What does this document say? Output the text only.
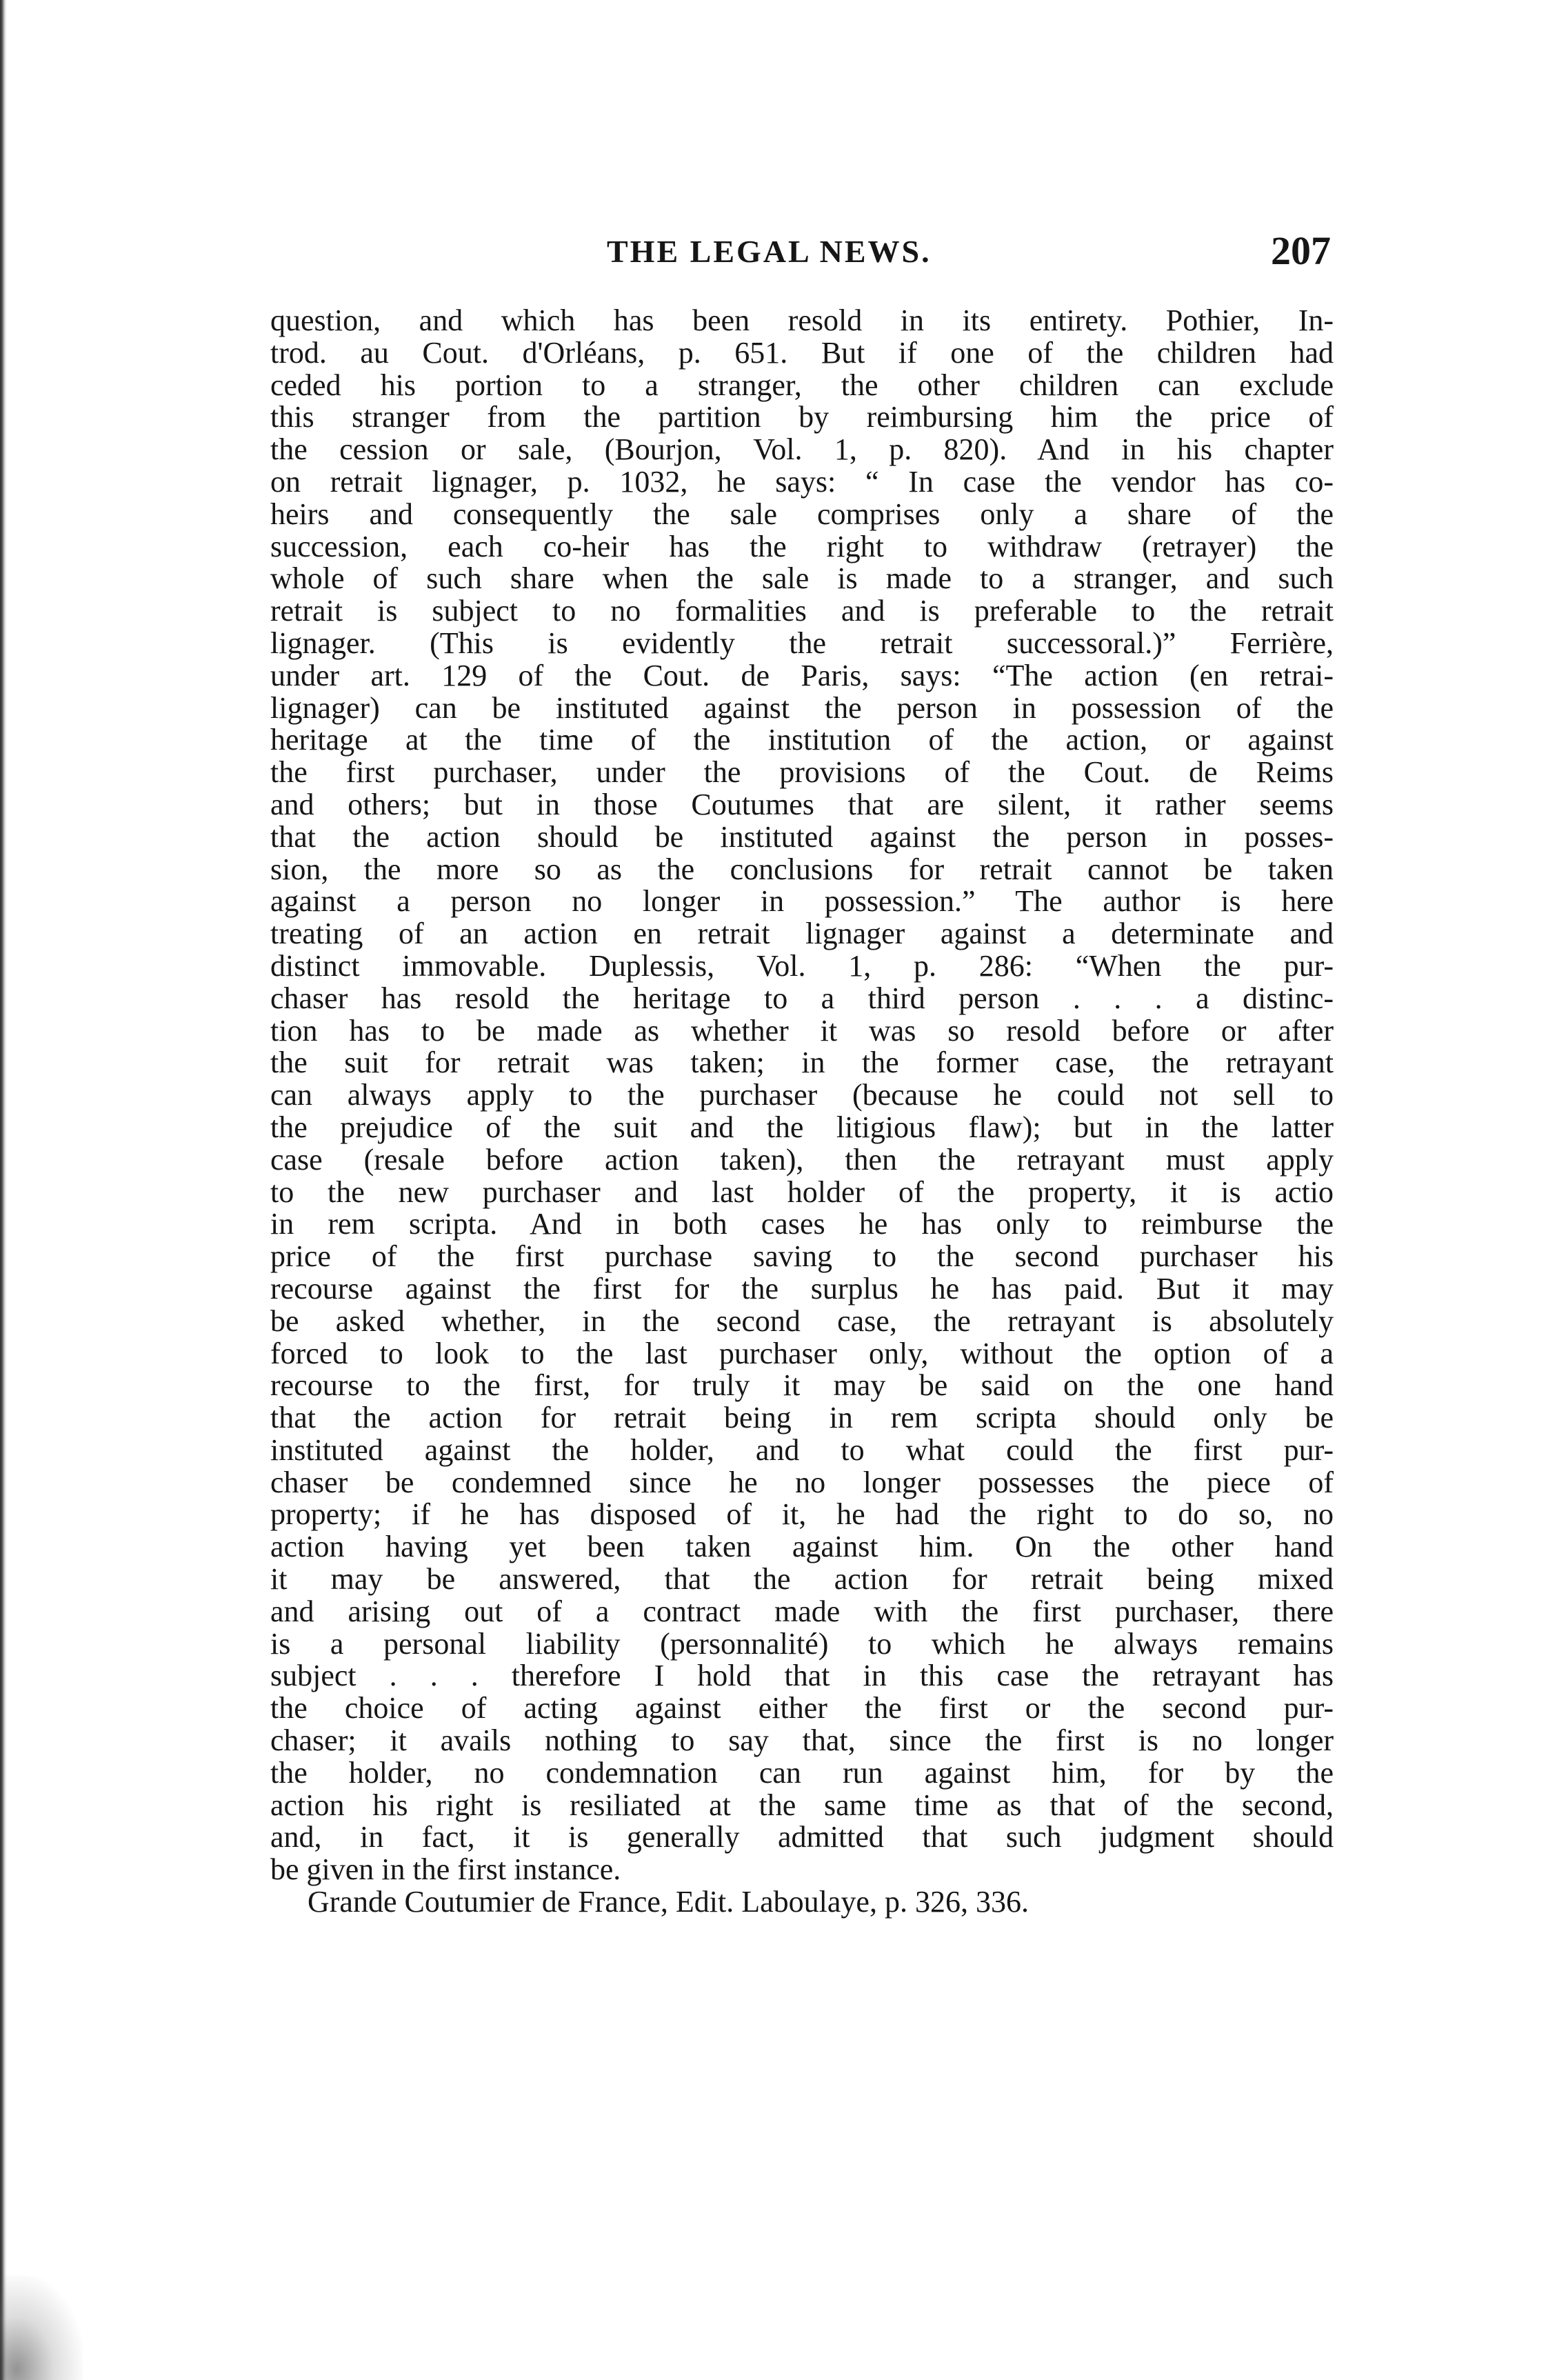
THE LEGAL NEWS.	207
question, and which has been resold in its entirety. Pothier, In-
trod. au Cout. d'Orléans, p. 651. But if one of the children had
ceded his portion to a stranger, the other children can exclude
this stranger from the partition by reimbursing him the price of
the cession or sale, (Bourjon, Vol. 1, p. 820). And in his chapter
on retrait lignager, p. 1032, he says: “ In case the vendor has co-
heirs and consequently the sale comprises only a share of the
succession, each co-heir has the right to withdraw (retrayer) the
whole of such share when the sale is made to a stranger, and such
retrait is subject to no formalities and is preferable to the retrait
lignager. (This is evidently the retrait successoral.)” Ferrière,
under art. 129 of the Cout. de Paris, says: “The action (en retrai-
lignager) can be instituted against the person in possession of the
heritage at the time of the institution of the action, or against
the first purchaser, under the provisions of the Cout. de Reims
and others; but in those Coutumes that are silent, it rather seems
that the action should be instituted against the person in posses-
sion, the more so as the conclusions for retrait cannot be taken
against a person no longer in possession.” The author is here
treating of an action en retrait lignager against a determinate and
distinct immovable. Duplessis, Vol. 1, p. 286: “When the pur-
chaser has resold the heritage to a third person . . . a distinc-
tion has to be made as whether it was so resold before or after
the suit for retrait was taken; in the former case, the retrayant
can always apply to the purchaser (because he could not sell to
the prejudice of the suit and the litigious flaw); but in the latter
case (resale before action taken), then the retrayant must apply
to the new purchaser and last holder of the property, it is actio
in rem scripta. And in both cases he has only to reimburse the
price of the first purchase saving to the second purchaser his
recourse against the first for the surplus he has paid. But it may
be asked whether, in the second case, the retrayant is absolutely
forced to look to the last purchaser only, without the option of a
recourse to the first, for truly it may be said on the one hand
that the action for retrait being in rem scripta should only be
instituted against the holder, and to what could the first pur-
chaser be condemned since he no longer possesses the piece of
property; if he has disposed of it, he had the right to do so, no
action having yet been taken against him. On the other hand
it may be answered, that the action for retrait being mixed
and arising out of a contract made with the first purchaser, there
is a personal liability (personnalité) to which he always remains
subject . . . therefore I hold that in this case the retrayant has
the choice of acting against either the first or the second pur-
chaser; it avails nothing to say that, since the first is no longer
the holder, no condemnation can run against him, for by the
action his right is resiliated at the same time as that of the second,
and, in fact, it is generally admitted that such judgment should
be given in the first instance.
Grande Coutumier de France, Edit. Laboulaye, p. 326, 336.
